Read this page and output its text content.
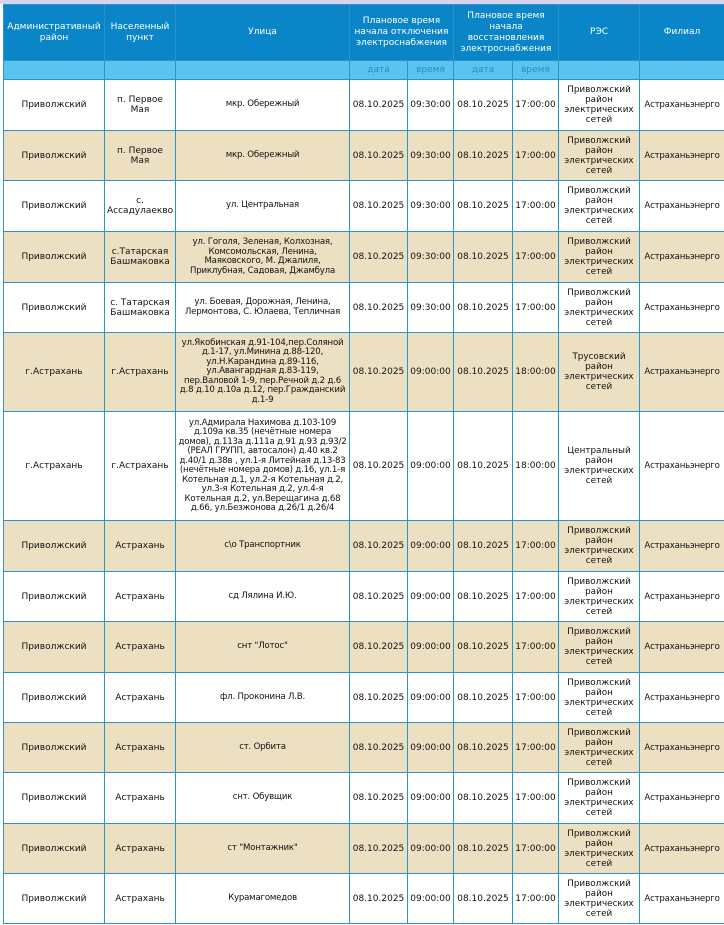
Административный район	Населенный пункт	Улица	Плановое время начала отключения электроснабжения		Плановое время начала восстановления электроснабжения		РЭС	Филиал
			дата	время	дата	время		
Приволжский	п. Первое Мая	мкр. Обережный	08.10.2025	09:30:00	08.10.2025	17:00:00	Приволжский район электрических сетей	Астраханьэнерго
Приволжский	п. Первое Мая	мкр. Обережный	08.10.2025	09:30:00	08.10.2025	17:00:00	Приволжский район электрических сетей	Астраханьэнерго
Приволжский	с. Ассадулаекво	ул. Центральная	08.10.2025	09:30:00	08.10.2025	17:00:00	Приволжский район электрических сетей	Астраханьэнерго
Приволжский	с.Татарская Башмаковка	ул. Гоголя, Зеленая, Колхозная, Комсомольская, Ленина, Маяковского, М. Джалиля, Приклубная, Садовая, Джамбула	08.10.2025	09:30:00	08.10.2025	17:00:00	Приволжский район электрических сетей	Астраханьэнерго
Приволжский	с. Татарская Башмаковка	ул. Боевая, Дорожная, Ленина, Лермонтова, С. Юлаева, Тепличная	08.10.2025	09:30:00	08.10.2025	17:00:00	Приволжский район электрических сетей	Астраханьэнерго
г.Астрахань	г.Астрахань	ул.Якобинская д.91-104,пер.Соляной д.1-17, ул.Минина д.88-120, ул.Н.Карандина д.89-116, ул.Авангардная д.83-119, пер.Валовой 1-9, пер.Речной д.2 д.6 д.8 д.10 д.10а д.12, пер.Гражданский д.1-9	08.10.2025	09:00:00	08.10.2025	18:00:00	Трусовский район электрических сетей	Астраханьэнерго
г.Астрахань	г.Астрахань	ул.Адмирала Нахимова д.103-109 д.109а кв.35 (нечётные номера домов), д.113а д.111а д.91 д.93 д.93/2 (РЕАЛ ГРУПП, автосалон) д.40 кв.2 д.40/1 д.38в , ул.1-я Литейная д.13-83 (нечётные номера домов) д.16, ул.1-я Котельная д.1, ул.2-я Котельная д.2, ул.3-я Котельная д.2, ул.4-я Котельная д.2, ул.Верещагина д.68 д.66, ул.Безжонова д.26/1 д.26/4	08.10.2025	09:00:00	08.10.2025	18:00:00	Центральный район электрических сетей	Астраханьэнерго
Приволжский	Астрахань	с\о Транспортник	08.10.2025	09:00:00	08.10.2025	17:00:00	Приволжский район электрических сетей	Астраханьэнерго
Приволжский	Астрахань	сд Лялина И.Ю.	08.10.2025	09:00:00	08.10.2025	17:00:00	Приволжский район электрических сетей	Астраханьэнерго
Приволжский	Астрахань	снт "Лотос"	08.10.2025	09:00:00	08.10.2025	17:00:00	Приволжский район электрических сетей	Астраханьэнерго
Приволжский	Астрахань	фл. Проконина Л.В.	08.10.2025	09:00:00	08.10.2025	17:00:00	Приволжский район электрических сетей	Астраханьэнерго
Приволжский	Астрахань	ст. Орбита	08.10.2025	09:00:00	08.10.2025	17:00:00	Приволжский район электрических сетей	Астраханьэнерго
Приволжский	Астрахань	снт. Обувщик	08.10.2025	09:00:00	08.10.2025	17:00:00	Приволжский район электрических сетей	Астраханьэнерго
Приволжский	Астрахань	ст "Монтажник"	08.10.2025	09:00:00	08.10.2025	17:00:00	Приволжский район электрических сетей	Астраханьэнерго
Приволжский	Астрахань	Курамагомедов	08.10.2025	09:00:00	08.10.2025	17:00:00	Приволжский район электрических сетей	Астраханьэнерго
